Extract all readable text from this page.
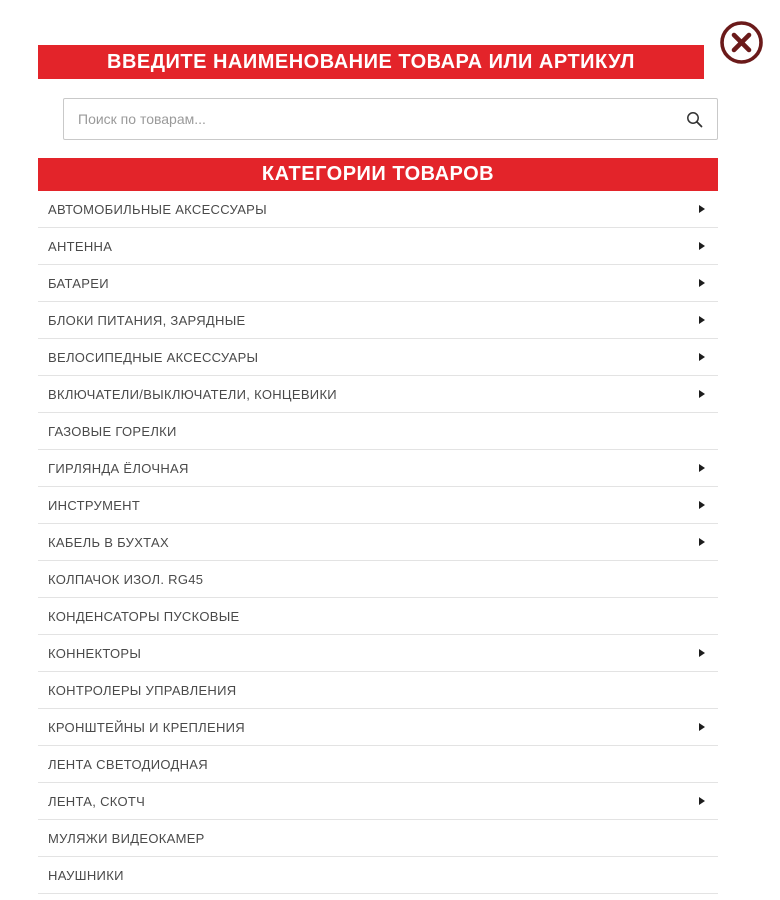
ВВЕДИТЕ НАИМЕНОВАНИЕ ТОВАРА ИЛИ АРТИКУЛ
Поиск по товарам...
КАТЕГОРИИ ТОВАРОВ
АВТОМОБИЛЬНЫЕ АКСЕССУАРЫ
АНТЕННА
БАТАРЕИ
БЛОКИ ПИТАНИЯ, ЗАРЯДНЫЕ
ВЕЛОСИПЕДНЫЕ АКСЕССУАРЫ
ВКЛЮЧАТЕЛИ/ВЫКЛЮЧАТЕЛИ, КОНЦЕВИКИ
ГАЗОВЫЕ ГОРЕЛКИ
ГИРЛЯНДА ЁЛОЧНАЯ
ИНСТРУМЕНТ
КАБЕЛЬ В БУХТАХ
КОЛПАЧОК ИЗОЛ. RG45
КОНДЕНСАТОРЫ ПУСКОВЫЕ
КОННЕКТОРЫ
КОНТРОЛЕРЫ УПРАВЛЕНИЯ
КРОНШТЕЙНЫ И КРЕПЛЕНИЯ
ЛЕНТА СВЕТОДИОДНАЯ
ЛЕНТА, СКОТЧ
МУЛЯЖИ ВИДЕОКАМЕР
НАУШНИКИ
